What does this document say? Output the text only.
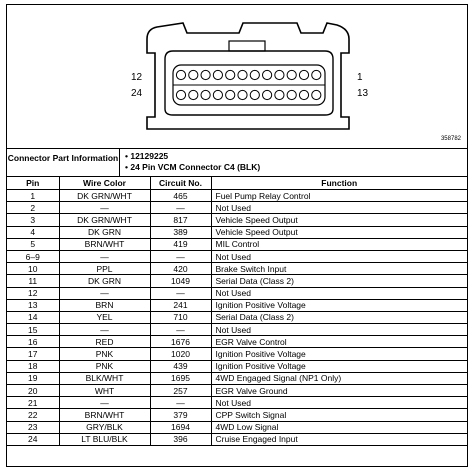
12
24
1
13
358782
Connector Part Information	• 12129225
• 24 Pin VCM Connector C4 (BLK)
Pin	Wire Color	Circuit No.	Function
1	DK GRN/WHT	465	Fuel Pump Relay Control
2	—	—	Not Used
3	DK GRN/WHT	817	Vehicle Speed Output
4	DK GRN	389	Vehicle Speed Output
5	BRN/WHT	419	MIL Control
6–9	—	—	Not Used
10	PPL	420	Brake Switch Input
11	DK GRN	1049	Serial Data (Class 2)
12	—	—	Not Used
13	BRN	241	Ignition Positive Voltage
14	YEL	710	Serial Data (Class 2)
15	—	—	Not Used
16	RED	1676	EGR Valve Control
17	PNK	1020	Ignition Positive Voltage
18	PNK	439	Ignition Positive Voltage
19	BLK/WHT	1695	4WD Engaged Signal (NP1 Only)
20	WHT	257	EGR Valve Ground
21	—	—	Not Used
22	BRN/WHT	379	CPP Switch Signal
23	GRY/BLK	1694	4WD Low Signal
24	LT BLU/BLK	396	Cruise Engaged Input
